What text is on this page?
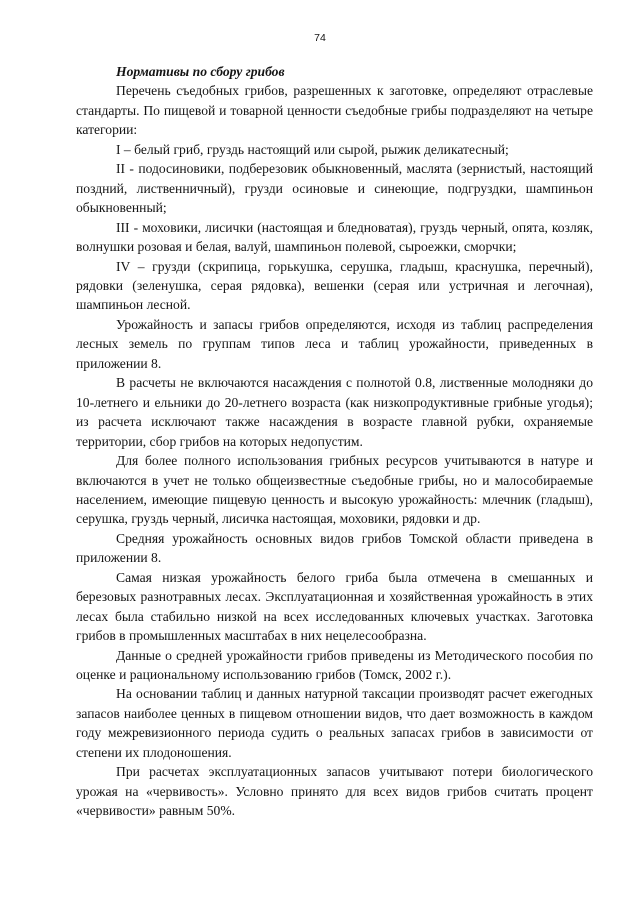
74

Нормативы по сбору грибов

Перечень съедобных грибов, разрешенных к заготовке, определяют отраслевые стандарты. По пищевой и товарной ценности съедобные грибы подразделяют на четыре категории:

I – белый гриб, груздь настоящий или сырой, рыжик деликатесный;

II - подосиновики, подберезовик обыкновенный, маслята (зернистый, настоящий поздний, лиственничный), грузди осиновые и синеющие, подгруздки, шампиньон обыкновенный;

III - моховики, лисички (настоящая и бледноватая), груздь черный, опята, козляк, волнушки розовая и белая, валуй, шампиньон полевой, сыроежки, сморчки;

IV – грузди (скрипица, горькушка, серушка, гладыш, краснушка, перечный), рядовки (зеленушка, серая рядовка), вешенки (серая или устричная и легочная), шампиньон лесной.

Урожайность и запасы грибов определяются, исходя из таблиц распределения лесных земель по группам типов леса и таблиц урожайности, приведенных в приложении 8.

В расчеты не включаются насаждения с полнотой 0.8, лиственные молодняки до 10-летнего и ельники до 20-летнего возраста (как низкопродуктивные грибные угодья); из расчета исключают также насаждения в возрасте главной рубки, охраняемые территории, сбор грибов на которых недопустим.

Для более полного использования грибных ресурсов учитываются в натуре и включаются в учет не только общеизвестные съедобные грибы, но и малособираемые населением, имеющие пищевую ценность и высокую урожайность: млечник (гладыш), серушка, груздь черный, лисичка настоящая, моховики, рядовки и др.

Средняя урожайность основных видов грибов Томской области приведена в приложении 8.

Самая низкая урожайность белого гриба была отмечена в смешанных и березовых разнотравных лесах. Эксплуатационная и хозяйственная урожайность в этих лесах была стабильно низкой на всех исследованных ключевых участках. Заготовка грибов в промышленных масштабах в них нецелесообразна.

Данные о средней урожайности грибов приведены из Методического пособия по оценке и рациональному использованию грибов (Томск, 2002 г.).

На основании таблиц и данных натурной таксации производят расчет ежегодных запасов наиболее ценных в пищевом отношении видов, что дает возможность в каждом году межревизионного периода судить о реальных запасах грибов в зависимости от степени их плодоношения.

При расчетах эксплуатационных запасов учитывают потери биологического урожая на «червивость». Условно принято для всех видов грибов считать процент «червивости» равным 50%.
